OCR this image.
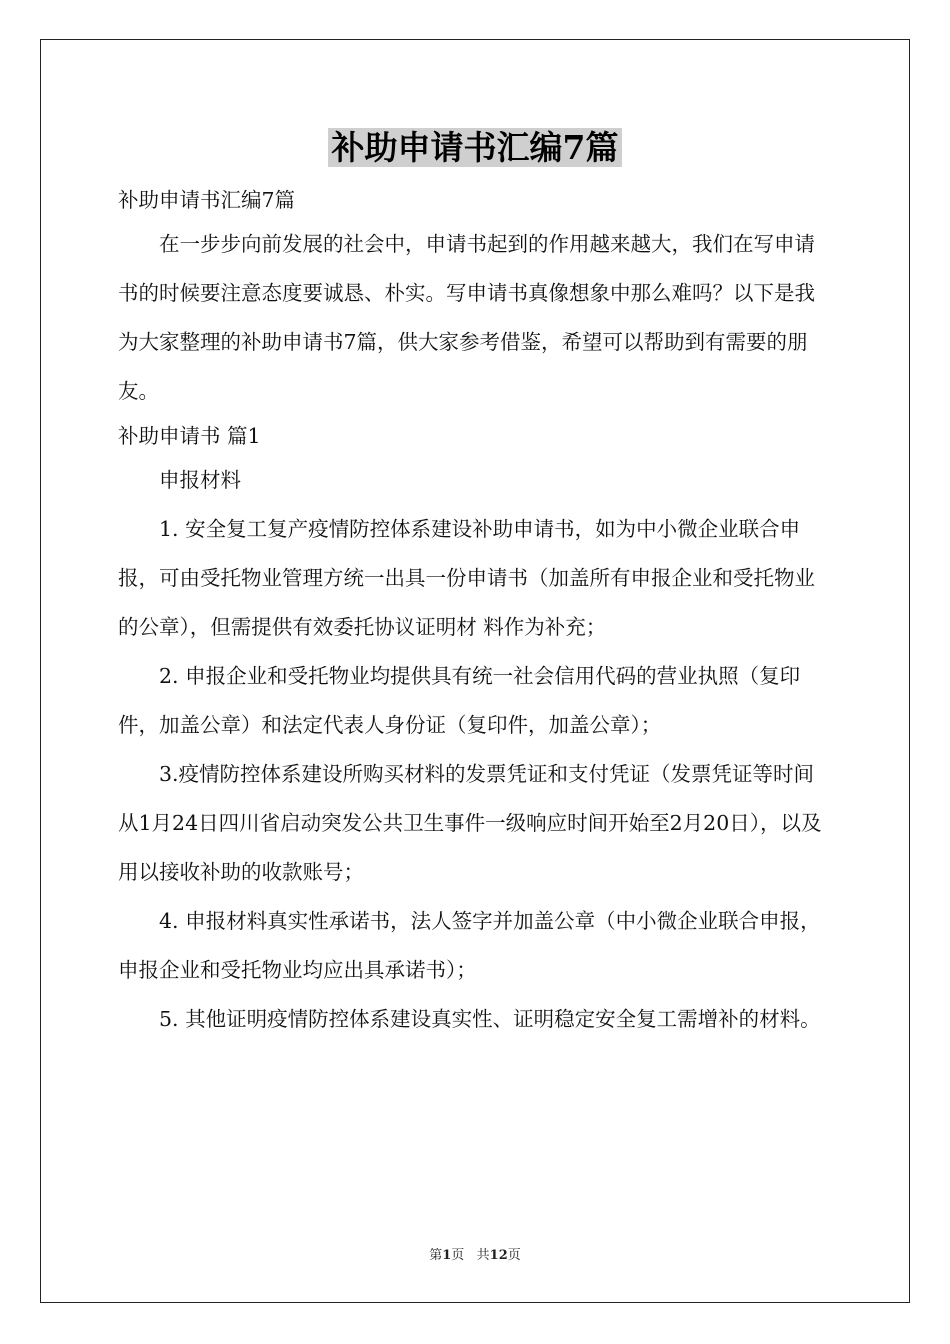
补助申请书汇编7篇

补助申请书汇编7篇

在一步步向前发展的社会中，申请书起到的作用越来越大，我们在写申请书的时候要注意态度要诚恳、朴实。写申请书真像想象中那么难吗？以下是我为大家整理的补助申请书7篇，供大家参考借鉴，希望可以帮助到有需要的朋友。

补助申请书 篇1

申报材料

1. 安全复工复产疫情防控体系建设补助申请书，如为中小微企业联合申报，可由受托物业管理方统一出具一份申请书（加盖所有申报企业和受托物业的公章），但需提供有效委托协议证明材 料作为补充；

2. 申报企业和受托物业均提供具有统一社会信用代码的营业执照（复印件，加盖公章）和法定代表人身份证（复印件，加盖公章）；

3.疫情防控体系建设所购买材料的发票凭证和支付凭证（发票凭证等时间从1月24日四川省启动突发公共卫生事件一级响应时间开始至2月20日），以及用以接收补助的收款账号；

4. 申报材料真实性承诺书，法人签字并加盖公章（中小微企业联合申报，申报企业和受托物业均应出具承诺书）；

5. 其他证明疫情防控体系建设真实性、证明稳定安全复工需增补的材料。

第1页   共12页
